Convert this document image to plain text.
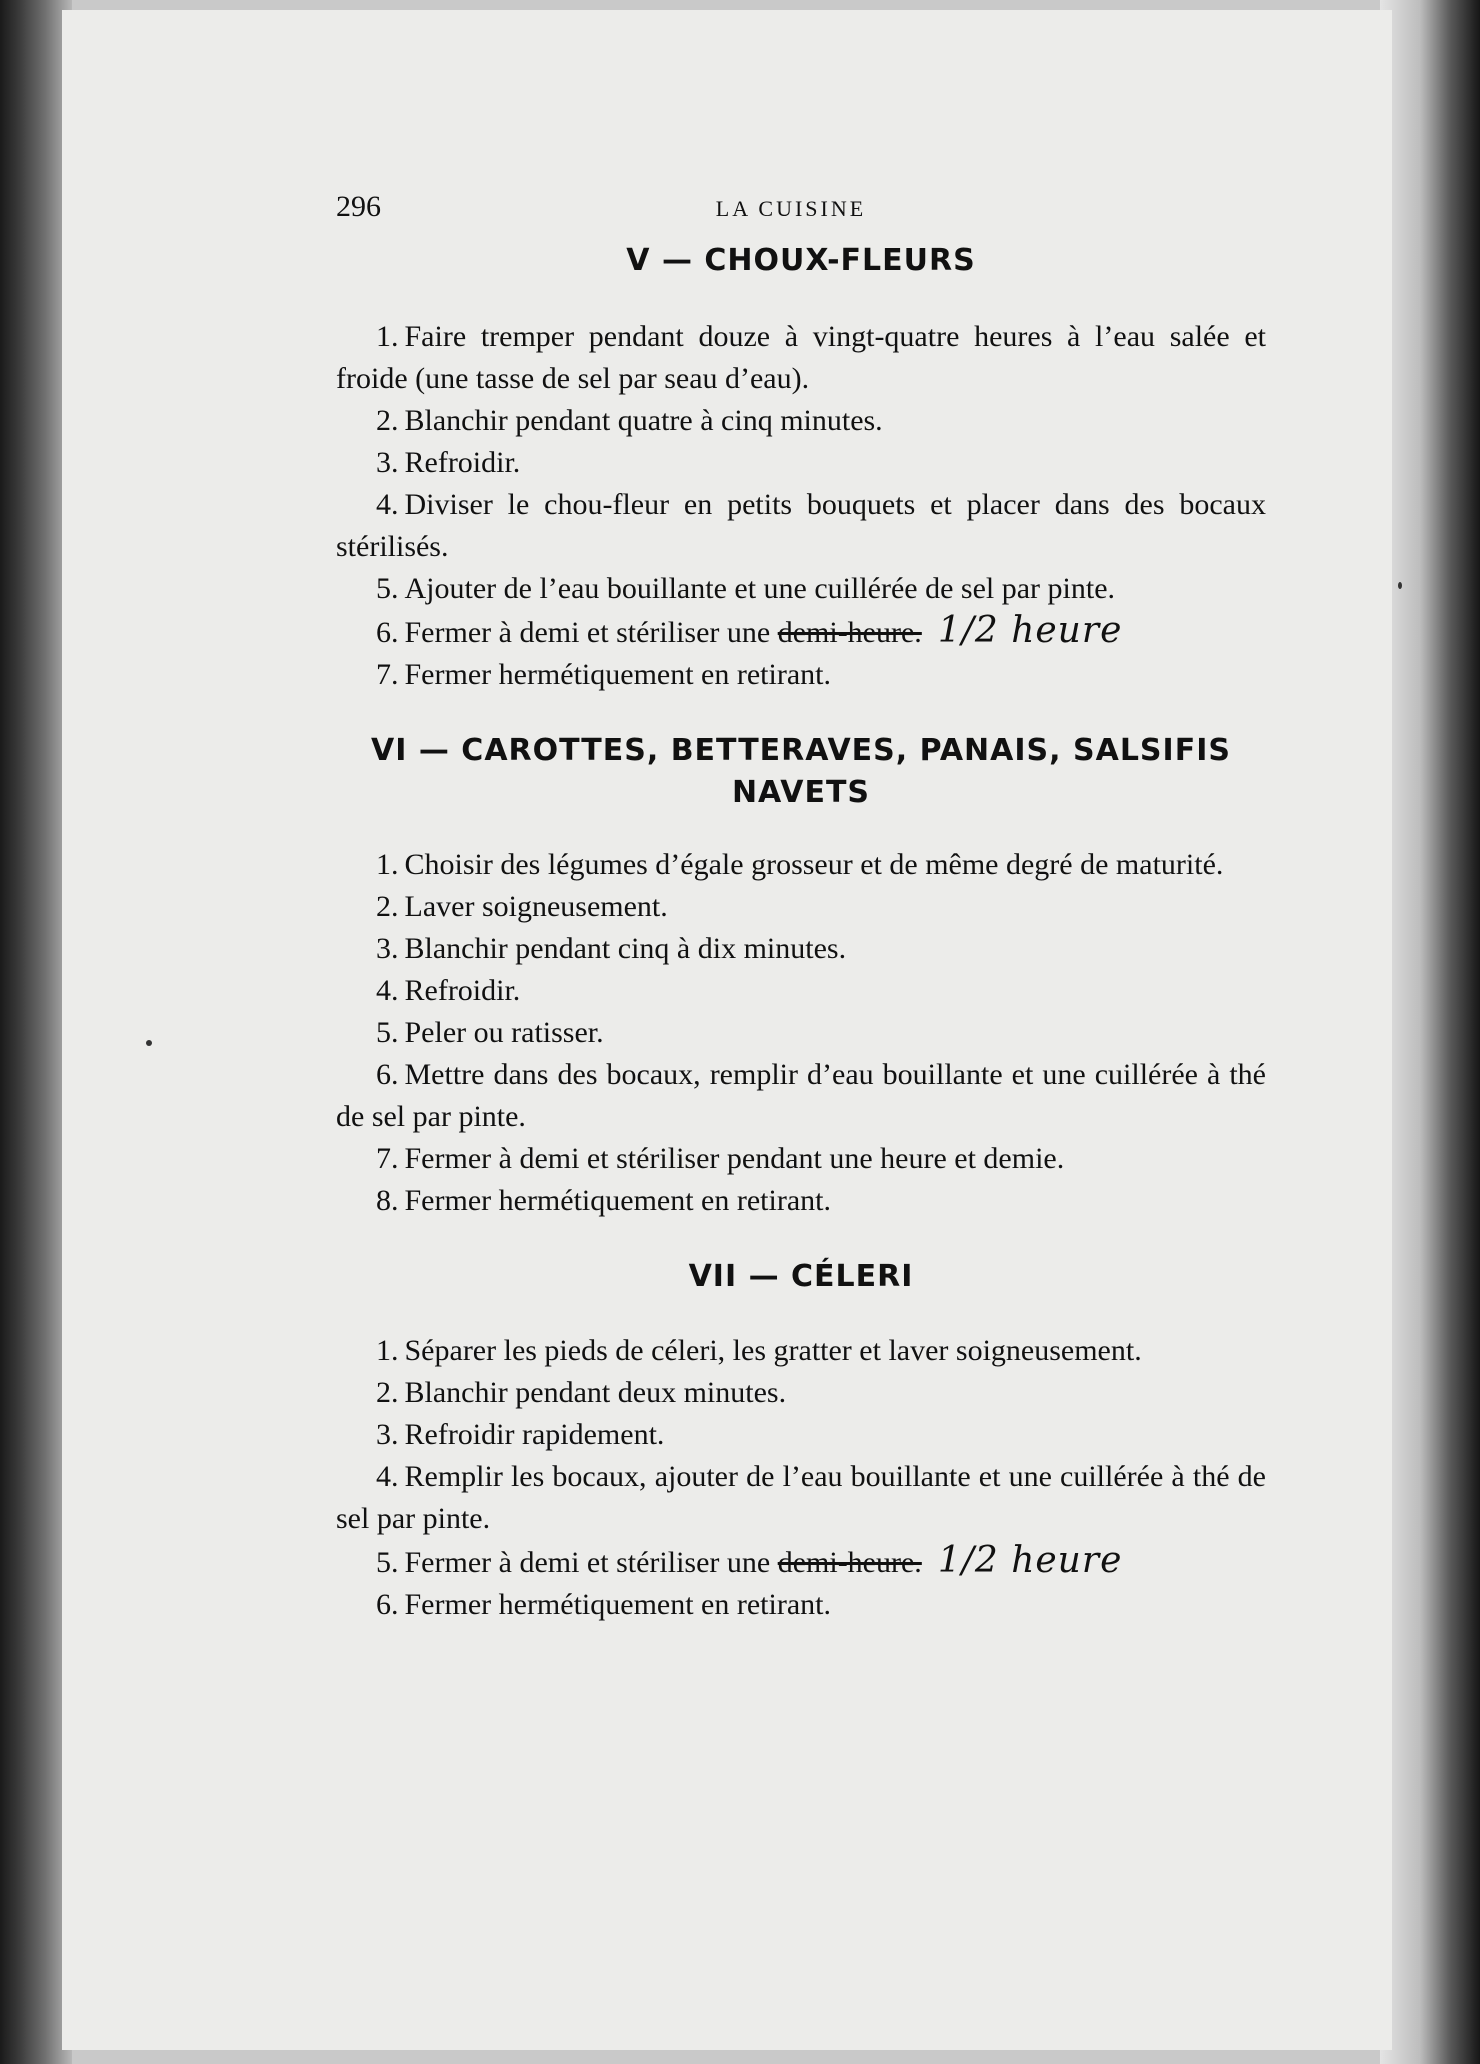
296	LA CUISINE
V — CHOUX-FLEURS

1. Faire tremper pendant douze à vingt-quatre heures à l’eau salée et froide (une tasse de sel par seau d’eau).

2. Blanchir pendant quatre à cinq minutes.

3. Refroidir.

4. Diviser le chou-fleur en petits bouquets et placer dans des bocaux stérilisés.

5. Ajouter de l’eau bouillante et une cuillérée de sel par pinte.

6. Fermer à demi et stériliser une demi-heure. 1/2 heure

7. Fermer hermétiquement en retirant.

VI — CAROTTES, BETTERAVES, PANAIS, SALSIFIS NAVETS

1. Choisir des légumes d’égale grosseur et de même degré de maturité.

2. Laver soigneusement.

3. Blanchir pendant cinq à dix minutes.

4. Refroidir.

5. Peler ou ratisser.

6. Mettre dans des bocaux, remplir d’eau bouillante et une cuillérée à thé de sel par pinte.

7. Fermer à demi et stériliser pendant une heure et demie.

8. Fermer hermétiquement en retirant.

VII — CÉLERI

1. Séparer les pieds de céleri, les gratter et laver soigneusement.

2. Blanchir pendant deux minutes.

3. Refroidir rapidement.

4. Remplir les bocaux, ajouter de l’eau bouillante et une cuillérée à thé de sel par pinte.

5. Fermer à demi et stériliser une demi-heure. 1/2 heure

6. Fermer hermétiquement en retirant.
